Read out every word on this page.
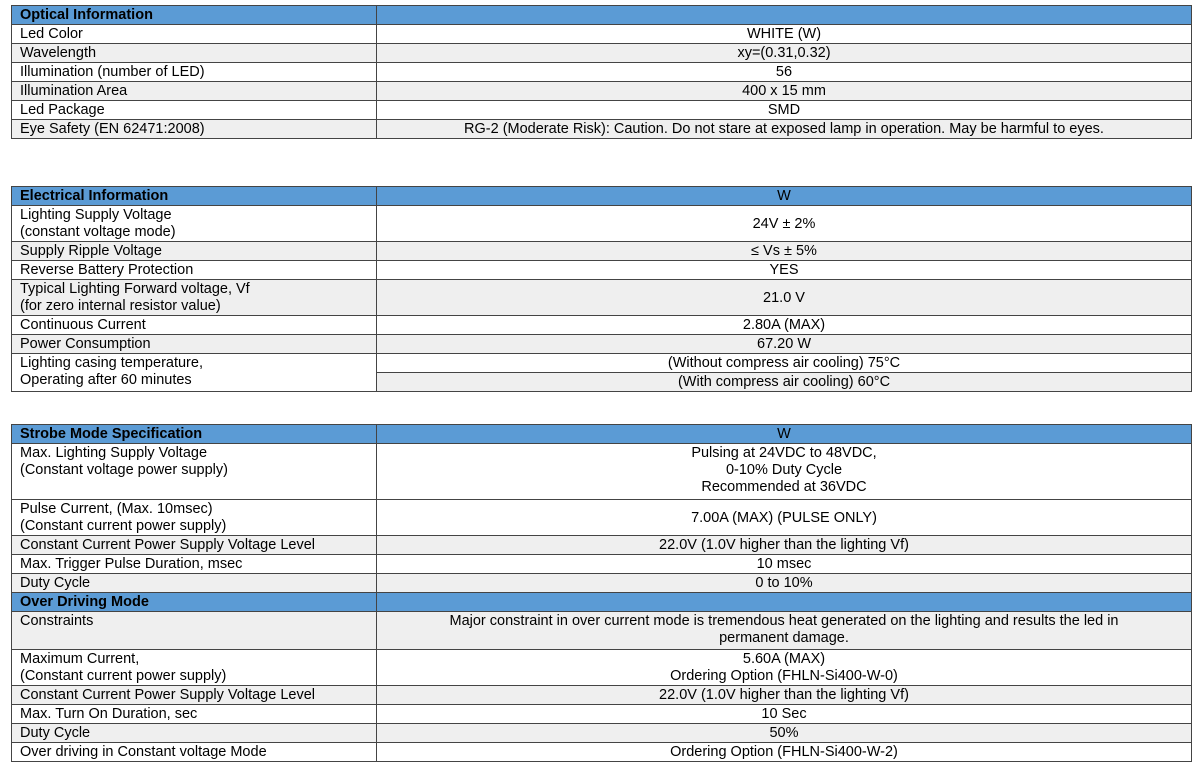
Optical Information	
Led Color	WHITE (W)
Wavelength	xy=(0.31,0.32)
Illumination (number of LED)	56
Illumination Area	400 x 15 mm
Led Package	SMD
Eye Safety (EN 62471:2008)	RG-2 (Moderate Risk): Caution. Do not stare at exposed lamp in operation. May be harmful to eyes.
Electrical Information	W

Lighting Supply Voltage
(constant voltage mode)	24V ± 2%
Supply Ripple Voltage	≤ Vs ± 5%
Reverse Battery Protection	YES

Typical Lighting Forward voltage, Vf
(for zero internal resistor value)	21.0 V
Continuous Current	2.80A (MAX)
Power Consumption	67.20 W

Lighting casing temperature,
Operating after 60 minutes	(Without compress air cooling) 75°C
	(With compress air cooling) 60°C
Strobe Mode Specification	W

Max. Lighting Supply Voltage
(Constant voltage power supply)	Pulsing at 24VDC to 48VDC,
0-10% Duty Cycle
Recommended at 36VDC

Pulse Current, (Max. 10msec)
(Constant current power supply)	7.00A (MAX) (PULSE ONLY)
Constant Current Power Supply Voltage Level	22.0V (1.0V higher than the lighting Vf)
Max. Trigger Pulse Duration, msec	10 msec
Duty Cycle	0 to 10%
Over Driving Mode	
Constraints	Major constraint in over current mode is tremendous heat generated on the lighting and results the led in
permanent damage.

Maximum Current,
(Constant current power supply)	5.60A (MAX)
Ordering Option (FHLN-Si400-W-0)

Constant Current Power Supply Voltage Level	22.0V (1.0V higher than the lighting Vf)
Max. Turn On Duration, sec	10 Sec
Duty Cycle	50%
Over driving in Constant voltage Mode	Ordering Option (FHLN-Si400-W-2)
